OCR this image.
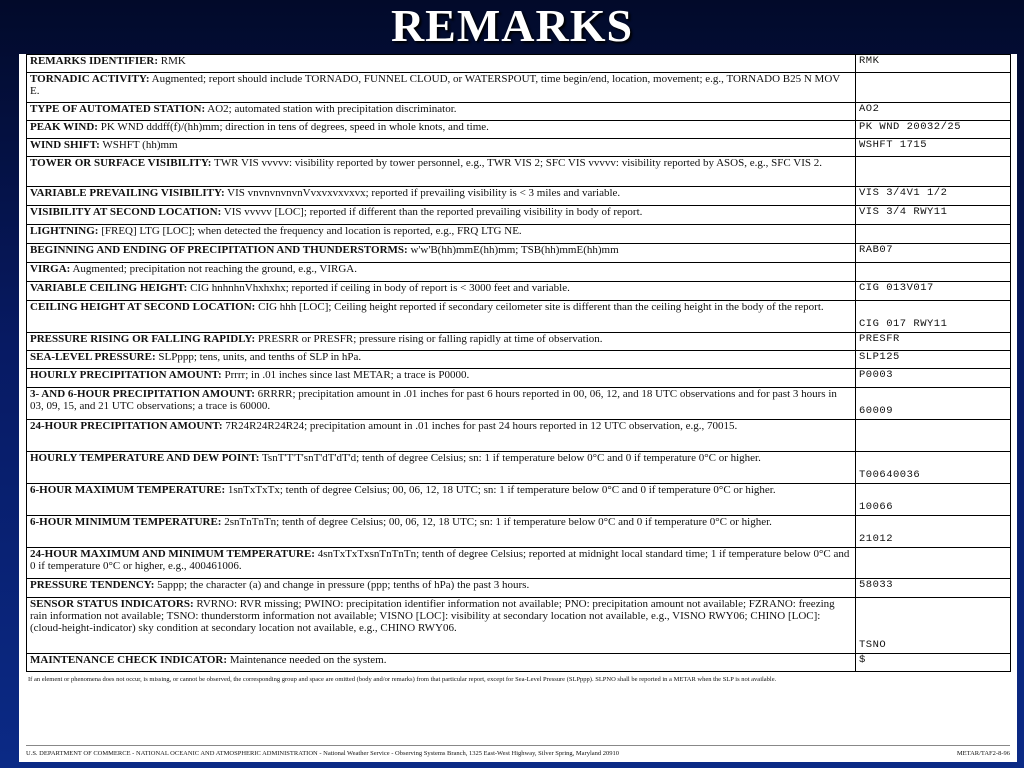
REMARKS
REMARKS IDENTIFIER: RMK	RMK
TORNADIC ACTIVITY: Augmented; report should include TORNADO, FUNNEL CLOUD, or WATERSPOUT, time begin/end, location, movement; e.g., TORNADO B25 N MOV E.	
TYPE OF AUTOMATED STATION: AO2; automated station with precipitation discriminator.	AO2
PEAK WIND: PK WND dddff(f)/(hh)mm; direction in tens of degrees, speed in whole knots, and time.	PK WND 20032/25
WIND SHIFT: WSHFT (hh)mm	WSHFT 1715
TOWER OR SURFACE VISIBILITY: TWR VIS vvvvv: visibility reported by tower personnel, e.g., TWR VIS 2; SFC VIS vvvvv: visibility reported by ASOS, e.g., SFC VIS 2.	
VARIABLE PREVAILING VISIBILITY: VIS vnvnvnvnvnVvxvxvxvxvx; reported if prevailing visibility is < 3 miles and variable.	VIS 3/4V1 1/2
VISIBILITY AT SECOND LOCATION: VIS vvvvv [LOC]; reported if different than the reported prevailing visibility in body of report.	VIS 3/4 RWY11
LIGHTNING: [FREQ] LTG [LOC]; when detected the frequency and location is reported, e.g., FRQ LTG NE.	
BEGINNING AND ENDING OF PRECIPITATION AND THUNDERSTORMS: w'w'B(hh)mmE(hh)mm; TSB(hh)mmE(hh)mm	RAB07
VIRGA: Augmented; precipitation not reaching the ground, e.g., VIRGA.	
VARIABLE CEILING HEIGHT: CIG hnhnhnVhxhxhx; reported if ceiling in body of report is < 3000 feet and variable.	CIG 013V017
CEILING HEIGHT AT SECOND LOCATION: CIG hhh [LOC]; Ceiling height reported if secondary ceilometer site is different than the ceiling height in the body of the report.	CIG 017 RWY11
PRESSURE RISING OR FALLING RAPIDLY: PRESRR or PRESFR; pressure rising or falling rapidly at time of observation.	PRESFR
SEA-LEVEL PRESSURE: SLPppp; tens, units, and tenths of SLP in hPa.	SLP125
HOURLY PRECIPITATION AMOUNT: Prrrr; in .01 inches since last METAR; a trace is P0000.	P0003
3- AND 6-HOUR PRECIPITATION AMOUNT: 6RRRR; precipitation amount in .01 inches for past 6 hours reported in 00, 06, 12, and 18 UTC observations and for past 3 hours in 03, 09, 15, and 21 UTC observations; a trace is 60000.	60009
24-HOUR PRECIPITATION AMOUNT: 7R24R24R24R24; precipitation amount in .01 inches for past 24 hours reported in 12 UTC observation, e.g., 70015.	
HOURLY TEMPERATURE AND DEW POINT: TsnT'T'T'snT'dT'dT'd; tenth of degree Celsius; sn: 1 if temperature below 0°C and 0 if temperature 0°C or higher.	T00640036
6-HOUR MAXIMUM TEMPERATURE: 1snTxTxTx; tenth of degree Celsius; 00, 06, 12, 18 UTC; sn: 1 if temperature below 0°C and 0 if temperature 0°C or higher.	10066
6-HOUR MINIMUM TEMPERATURE: 2snTnTnTn; tenth of degree Celsius; 00, 06, 12, 18 UTC; sn: 1 if temperature below 0°C and 0 if temperature 0°C or higher.	21012
24-HOUR MAXIMUM AND MINIMUM TEMPERATURE: 4snTxTxTxsnTnTnTn; tenth of degree Celsius; reported at midnight local standard time; 1 if temperature below 0°C and 0 if temperature 0°C or higher, e.g., 400461006.	
PRESSURE TENDENCY: 5appp; the character (a) and change in pressure (ppp; tenths of hPa) the past 3 hours.	58033
SENSOR STATUS INDICATORS: RVRNO: RVR missing; PWINO: precipitation identifier information not available; PNO: precipitation amount not available; FZRANO: freezing rain information not available; TSNO: thunderstorm information not available; VISNO [LOC]: visibility at secondary location not available, e.g., VISNO RWY06; CHINO [LOC]: (cloud-height-indicator) sky condition at secondary location not available, e.g., CHINO RWY06.	TSNO
MAINTENANCE CHECK INDICATOR: Maintenance needed on the system.	$
If an element or phenomena does not occur, is missing, or cannot be observed, the corresponding group and space are omitted (body and/or remarks) from that particular report, except for Sea-Level Pressure (SLPppp). SLPNO shall be reported in a METAR when the SLP is not available.
U.S. DEPARTMENT OF COMMERCE - NATIONAL OCEANIC AND ATMOSPHERIC ADMINISTRATION - National Weather Service - Observing Systems Branch, 1325 East-West Highway, Silver Spring, Maryland 20910	METAR/TAF2-8-96
